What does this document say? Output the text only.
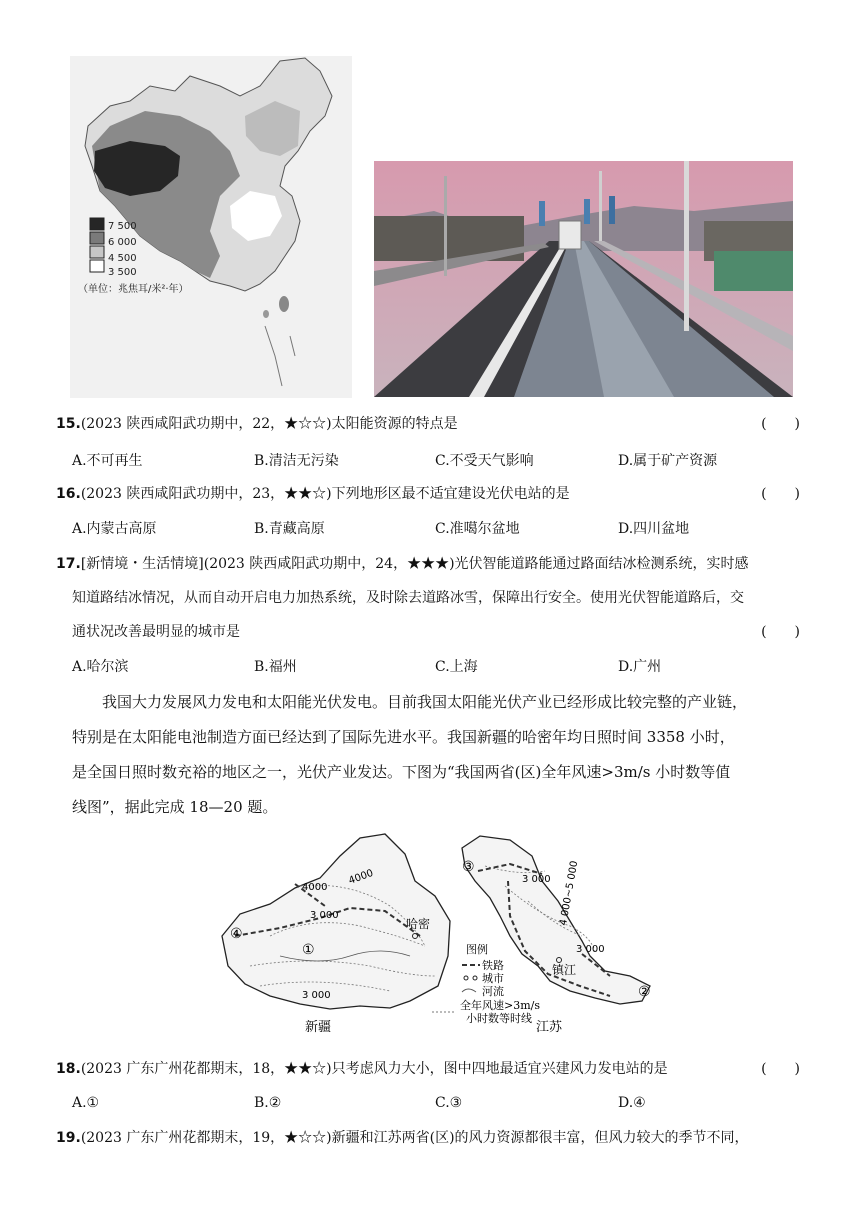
7 500
6 000
4 500
3 500
（单位：兆焦耳/米²·年）
15.(2023 陕西咸阳武功期中，22，★☆☆)太阳能资源的特点是	(　　)
A.不可再生	B.清洁无污染	C.不受天气影响	D.属于矿产资源
16.(2023 陕西咸阳武功期中，23，★★☆)下列地形区最不适宜建设光伏电站的是	(　　)
A.内蒙古高原	B.青藏高原	C.准噶尔盆地	D.四川盆地
17.[新情境・生活情境](2023 陕西咸阳武功期中，24，★★★)光伏智能道路能通过路面结冰检测系统，实时感
知道路结冰情况，从而自动开启电力加热系统，及时除去道路冰雪，保障出行安全。使用光伏智能道路后，交
通状况改善最明显的城市是	(　　)
A.哈尔滨	B.福州	C.上海	D.广州
我国大力发展风力发电和太阳能光伏发电。目前我国太阳能光伏产业已经形成比较完整的产业链，
特别是在太阳能电池制造方面已经达到了国际先进水平。我国新疆的哈密年均日照时间 3358 小时，
是全国日照时数充裕的地区之一，光伏产业发达。下图为“我国两省(区)全年风速>3m/s 小时数等值
线图”，据此完成 18—20 题。
4000
4000
3 000
3 000
哈密
①
④
新疆
③
3 000 4 000~5 000
3 000
镇江
②
江苏
图例
铁路
城市
河流
全年风速>3m/s
小时数等时线
18.(2023 广东广州花都期末，18，★★☆)只考虑风力大小，图中四地最适宜兴建风力发电站的是	(　　)
A.①	B.②	C.③	D.④
19.(2023 广东广州花都期末，19，★☆☆)新疆和江苏两省(区)的风力资源都很丰富，但风力较大的季节不同，
